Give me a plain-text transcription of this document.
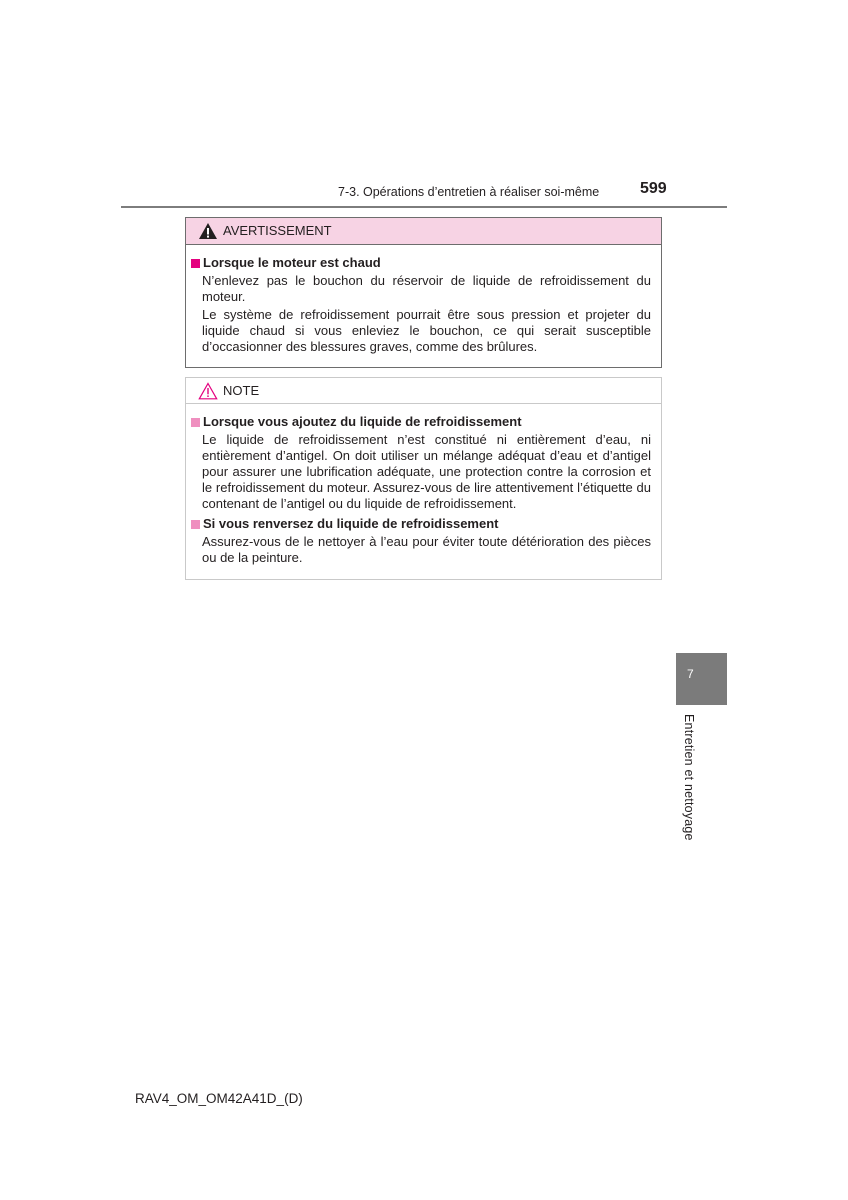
7-3. Opérations d’entretien à réaliser soi-même	599
AVERTISSEMENT
Lorsque le moteur est chaud

N’enlevez pas le bouchon du réservoir de liquide de refroidissement du moteur.

Le système de refroidissement pourrait être sous pression et projeter du liquide chaud si vous enleviez le bouchon, ce qui serait susceptible d’occasionner des blessures graves, comme des brûlures.

NOTE
Lorsque vous ajoutez du liquide de refroidissement

Le liquide de refroidissement n’est constitué ni entièrement d’eau, ni entièrement d’antigel. On doit utiliser un mélange adéquat d’eau et d’antigel pour assurer une lubrification adéquate, une protection contre la corrosion et le refroidissement du moteur. Assurez-vous de lire attentivement l’étiquette du contenant de l’antigel ou du liquide de refroidissement.

Si vous renversez du liquide de refroidissement

Assurez-vous de le nettoyer à l’eau pour éviter toute détérioration des pièces ou de la peinture.

7
Entretien et nettoyage
RAV4_OM_OM42A41D_(D)
